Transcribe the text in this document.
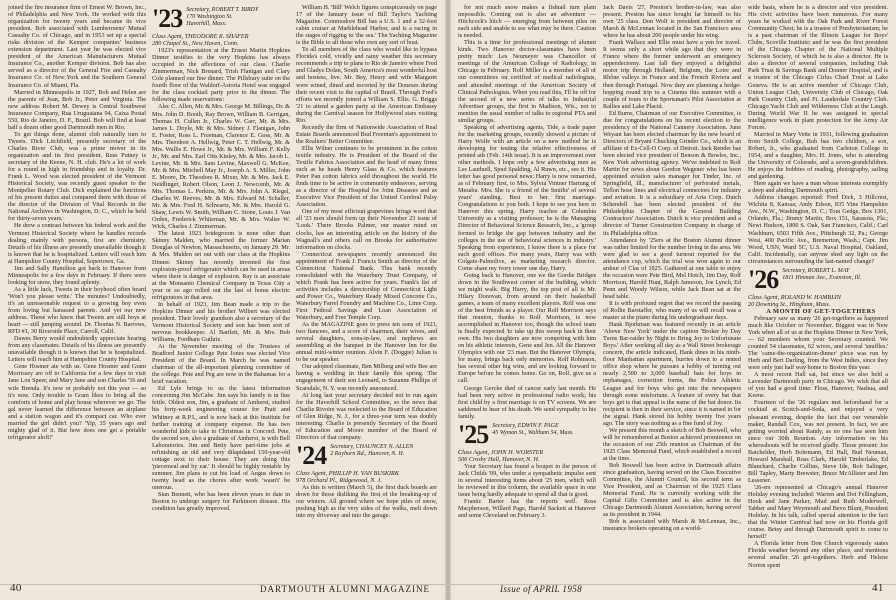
joined the fire insurance firm of Ernest W. Brown, Inc., of Philadelphia and New York. He worked with this organization for twenty years and became its vice president. Bob associated with Lumbermens' Mutual Casualty Co. of Chicago, and in 1953 set up a special risks division of the Kemper companies' business extension department. Last year he was elected vice president of the American Manufacturers Mutual Insurance Co., another Kemper division. Bob has also served as a director of the General Fire and Casualty Insurance Co. of New York and the Southern General Insurance Co. of Miami, Fla.

Married in Minneapolis in 1927, Bob and Helen are the parents of Jean, Bob Jr., Peter and Virginia. The new address Robert M. Dewey is Central Southwest Insurance Company, Rua Uruguaiana 94, Caixa Postal 550, Rio de Janeiro, D. F., Brazil. Bob will find at least half a dozen other good Dartmouth men in Rio.

To get things done, alumni club naturally turn to Tweets. Dick Litchfield, presently secretary of the Charles River Club, was a prime mover in its organization and its first president. Russ Putney is secretary of the Keene, N. H. club. He's a lot of work for a round in high in friendship and in loyalty. Dr. Frank L. Wood was elected president of the Vermont Historical Society, was recently guest speaker to the Montpelier Rotary Club. Dick explained the functions of his present duties and compared them with those of the director of the Division of Vital Records in the National Archives in Washington, D. C., which he held for thirty-seven years.

He drew a contrast between his federal work and the Vermont Historical Society where he handles records dealing mainly with persons, first are chemistry. Details of his illness are presently unavailable though it is known that he is hospitalized. Letters will reach him at Hampshire County Hospital, Sopertown, Ga.

Jim and Sally Hamilton got back to Hanover from Minneapolis for a few days in February. If there were looking for snow, they found aplenty.

As a little luck, Tweets in their boyhood often heard 'Won't you please write.' The minutes? Undoubtedly, it's an unreasonable request to a growing boy even from loving but harassed parents. And yet our new address. Those who knew that Tweets are still boys at heart — still jumping around. Dr. Thomas N. Barrows, RFD #1, 30 Riverside Place, Carroll, Calif.

Dawes Berry would undoubtedly appreciate hearing from any classmates. Details of his illness are presently unavailable though it is known that he is hospitalized. Letters will reach him at Hampshire County Hospital.

Gene Hosmer ate with us. Gene Hosmer and Gram Morrissey are off to California for a few days to visit Jane Lou Speer, and Mary Jane and son Charles '56 and wife Brenda. It's now or probably not this year — so it's now. Only trouble is Gram likes to bring all the comforts of home and play house wherever we go. The gal never learned the difference between an airplane and a station wagon and it's compact car. Who ever married the girl didn't you? 'Yip, 35 years ago and mighty glad of it. But how does one get a portable refrigerator aloft?'

'23 Secretary, ROBERT T. BIRDY
170 Washington St.
Haverhill, Mass.

Class Agent, THEODORE R. SHAFER

280 Chapel St., New Haven, Conn.

1923's representation at the Ernest Martin Hopkins Dinner testifies to the very Hopkins has always occupied in the affections of our class. Charlie Zimmerman, Nick Brenard, Trish Flanigan and Clary Cole planned our fine dinner. The Pillsbury suite on the fourth floor of the Waldorf-Astoria Hotel was engaged for the class cocktail party prior to the dinner. The following made reservations:

Alec C. Allen, Mr. & Mrs. George M. Billings, Dr. & Mrs. John D. Booth, Ray Brown, William B. Gerrigan, Thomas H. Cullen Jr., Charles W. Carr, Mr. & Mrs. James L. Doyle, Mr. & Mrs. Sidney J. Flanigan, John E. Foster, Ross L. Freeman, Clarence E. Goss, Mr. & Mrs. Theodore A. Hellwig, Peter C. T. Hellwig, Mr. & Mrs. Wallis E. Howe Jr., Mr. & Mrs. William F. Kelly Jr., Mr. and Mrs. Earl Otis Kinley, Mr. & Mrs. Jacob L. Levine, Mr. & Mrs. Sam Levine, Maxwell G. McKee, Mr. & Mrs. Mitchell May Jr., Joseph A. S. Miller, John E. Moore, Dr. Theodore R. Mixer, Mr. & Mrs. Jack E. Neidlinger, Robert Olson, Leon J. Newcomb, Mr. & Mrs. Thomas L. Perkins, Mr. & Mrs. John A. Riegel, Charles W. Reeves, Mr. & Mrs. Edward M. Schaller, Mr. & Mrs. Fred H. Schwartz, Mr. & Mrs. Harold G. Shaw, Lewis W. Smith, William C. Stone, Louis J. Van Orden, Frederick Whiteman, Mr. & Mrs. Walter W. Wick, Charles J. Zimmerman.

The latest 1923 bridegroom is none other than Skinny Malden, who married the former Marian Douglas of Newton, Massachusetts, on January 29. Mr. & Mrs. Malden set out with our class at the Hopkins Dinner. Skinny has recently invented the first explosion-proof refrigerator which can be used in areas where there is danger of explosion. Ray is an associate at the Monsanto Chemical Company in Texas City a year or so ago rolled out the last of home electric refrigerators in that area.

In behalf of 1923, Jim Bean made a trip to the Hopkins Dinner and his brother Wilbert was elected president. Their lovely grandson also a secretary of the Vermont Historical Society and son has been sort of nervous bookkeeper. Al Bartlett, Mr. & Mrs. Bob Williams, Fordham Guthrie.

At the November meeting of the Trustees of Bradford Junior College Pete Jones was elected Vice President of the Board. In March he was named chairman of the all-important planning committee of the college. Pete and Peg are now in the Bahamas for a brief vacation.

Ed Lyle brings to us the latest information concerning Jim McCabe. Jim says his family is in fine fettle. Oldest son, Jim, a graduate of Amherst, studied his forty-week engineering course for Pratt and Whitney at R.P.I., and is now back at this institute for further training at company expense. He has two wonderful kids to take to Christmas in Concord. Pete, the second son, also a graduate of Amherst, is with Bell Laboratories. Jim and Betty have part-time jobs at refinishing an old and very dilapidated 150-year-old cottage next to their house. They are doing this 'piecemeal and by ear.' It should be highly rentable by summer. Jim plans to cut his load of Angus down to twenty head as the chores after work 'wasn't' be onerous.

Stan Bennett, who has been eleven years to date in Boston to undergo surgery for Parkinson disease. His condition has greatly improved.

William B. 'Bill' Welch figures conspicuously on page 17 of the January issue of Bill Taylor's Yachting Magazine. Commodore Bill has a U.S. 1 and a 32-foot cabin cruiser at Marblehead Harbor, and is a racing in the stages of rigging to 'the sea.' The Yachting Magazine is the Bible to all those who own any sort of boat.

To all members of the class who would like to bypass Florida's cold, vividly and rainy weather this secretary recommends a trip to plans to Rio de Janeiro where Fred and Gladys Dolan, South America's most wonderful host and hostess, live. Mr. Bey, Henry and wife Margaret were wined, dined and escorted by the Doneses during their recent visit to the capital of Brazil. Through Fred's efforts we recently joined a William S. Ellis. G. Briggs '21 to attend a garden party at the American Embassy during the Carnival season for Hollywood stars visiting Rio.

Recently the firm of Nationwide Association of Real Estate Boards announced Bud Freeman's appointment to the Realtors' Better Committee.

Ellis Wilner continues to be prominent in the cotton textile industry. He is President of the Board of the Textile Fabrics Association and the head of many firms such as he heads Henry Glass & Co. which features Peter Pan cotton fabrics sold throughout the world. He finds time to be active in community endeavors, serving as a director of the Hospital for Joint Diseases and as Executive Vice President of the United Cerebral Palsy Association.

One of my most efficient grapevines brings word that all '23 men should form up their November 23 issue of 'Look.' There Brooks Palmer, our master mind on clocks, has an interesting article on the history of the Wagnall's and others call on Brooks for authoritative information on clocks.

Connecticut newspapers recently announced the appointment of Frank J. Francis Smith as director of the Connecticut National Bank. This bank recently consolidated with the Waterbury Trust Company, of which Frank has been active for years. Frank's list of activities includes a directorship of Connecticut Light and Power Co., Waterbury Ready Mixed Concrete Co., Waterbury Farrel Foundry and Machine Co., Lime Corp. First Federal Savings and Loan Association of Waterbury, and Free Temple Corp.

As the MAGAZINE goes to press ten sons of 1923, two fiancees, and a score of chairmen, their wives, and several daughters, sons-in-law, and nephews are assembling at the banquet in the Hanover Inn for the annual mini-winter reunion. Alvin F. (Doggie) Julian is to be our speaker.

Our adopted classmate, Ben Milberg and wife Bee are having a wedding in their family this spring. The engagement of their son Leonard, to Suzanne Phillips of Scarsdale, N. Y. was recently announced.

At long last your secretary decided not to run again for the Haverhill School Committee, so the news that Charlie Rivoire was reelected to the Board of Education of Glen Ridge, N. J., for a three-year term was doubly interesting. Charlie is presently Secretary of the Board of Education and Moore member of the Board of Directors of that company.

'24 Secretary, CHAUNCEY N. ALLEN
2 Rayburn Rd., Hanover, N. H.

Class Agent, PHILLIP H. VAN BUSKIRK

978 Orchard Pl., Ridgewood, N. J.

As this is written (March 5), the first duck boards are down for those disliking the first of the breaking-up of our winters. All ground where we hope piles of snow, pushing high as the very sides of the walks, melt down into my driveway and into the garage.

for not much snow makes a fishtail turn plain impossible. Coming out is also an adventure — Hitchcock's hitch — emerging from between piles on each side and unable to see what may be there. Caution is needed.

This is a time for professional meetings of alumni kinds. Two Hanover doctor-classmates have been pretty much: Les Neumeyer was Chancellor of meetings of the American College of Radiology, in Chicago in February. Rolf Miller is a member of all of our committees on certified of medical radiologists, and attended meetings of the American Society of Clinical Pathologists. When you read this, I'll be off for the second of a new series of talks to Industrial Advertiser groups, the first in Madison, Wis., not to mention the usual number of talks to regional PTA and similar groups.

Speaking of advertising agents, Tide, a trade paper for the marketing groups, recently showed a picture of Harry Wolfe with an article on a new method he is developing for testing the relative effectiveness of printed ads (Feb. 14th issue). It is an improvement over other methods. I hope only a few advertising men as Les Lauduell, Spud Spalding, Al Ruwn, etc., see it. His letter has good personal news: Harry is now remarried, as of February first, to Mrs. Sylvia Vintner Hartung of Mesaba. Mrs. She is a friend of the Smiths' of several years' standing. Best to her first marriage. Congratulations to you both. I hope to see you here in Hanover this spring. Harry teaches at Columbia University as a visiting professor; he is the Managing Director of Behavioral Science Research, Inc., a 'group formed to bridge the gap between industry and the colleges in the use of behavioral sciences in industry.' Speaking from experience, I know there is a place for such good offices. For many years, Harry was with Colgate-Palmolive, as marketing research director. Come share my ivory tower one day, Harry.

Going back to Hanover, one we the Gordie Bridges down in the Southwest corner of the building, which we might walk. Big Harry, the top post of all is Mr. Hilary Donovan, from around on their basketball games, a team of many excellent players. Rolf was one of the best friends as a player. Our Rolf Morrison says that reunion, thanks to Rolf Morrison, is now accomplished in Hanover too, though the school team is finally expected 'to take up this sweep back in their own. His two daughters are now competing with him on his athletic interests, Gene and Jen. All the Hanover Olympics with our '23 man. But the Hanover Olympia, for many, brings back only memories. Rolf Robinson, has several other big wins, and are looking forward to Europe before he comes home. Go on, Rolf, give us a call.

George Gercke died of cancer early last month. He had been very active in professional radio work; his first child by a first marriage is on TV screens. We are saddened to hear of his death. We send sympathy to his family.

'25 Secretary, EDWIN F. PAGE
45 Wyman St., Waltham 54, Mass.

Class Agent, JOHN H. WORSTER

506 Croshy Hall, Hanover, N. H.

Your Secretary has found a boupet in the person of Jack Childs '09, who under a sympathetic impulse sent in several interesting items about '25 men, which will be reviewed in this column, the available space in one issue being hardly adequate to spend all that is good.

Frantic Barter has the reports well. Ross Macpherson, Willard Page, Harold Sackett at Hanover and some Cleveland on February 3.

Jack Davis '27, Preston's brother-in-law, was also present. Preston has since bought far himself to his own '25 class. Don Wolf is president and director of Marsh & McLennan located in the San Francisco area where he has about 200 people under his wing.

Frank Wallace and Ellie must have a yen for travel. It seems only a short while ago that they were in France where the former underwent an emergency appendectomy. Last fall they enjoyed a delightful motor trip through Holland, Belgium, the Loire and Rhône valleys in France and the French Riviera and then through Portugal. Now they are planning a hedge-hopping round trip to a Cinema this summer with a couple of tours to the Sportsman's Pilot Association at Rallies and Lake Placid.

Ed Burns, Chairman of our Executive Committee, is due for congratulations on his recent election to the presidency of the National Cannery Association. June Weyant has been elected chairman by the new board of Directors of Bryant Chucking Grinder Co., which is an affiliate of Ex-Cell-O Corp. of Detroit. Jack Render has been elected vice president of Benson & Bowles, Inc., New York advertising agency. We've indebted to Rolf Martin for news about Gordon Wegener who has been appointed aviation sales manager for Tinder, Inc. of Springfield, Ill., manufacturer of perforated metals, Teflon hose lines and electrical connectors for industry and aviation. It is a subsidiary of Aria Corp. Dutch Schendell has been elected president of the Philadelphia Chapter of the General Building Contractors' Association. Dutch is vice president and a director of Turner Construction Company in charge of its Philadelphia office.

Attendance by '25ers at the Boston Alumni dinner was rather limited for the number living in the area. We were glad to see a good turnout reported for the attendance cup, which the trial was won again to our ardour of Clas of 1925. Gathered at one table to enjoy the occasion were Pete Bird, Mel Hotch, Jim Day, Rolf Morrison, Harold Hunt, Ralph Jameson, Joe Lynch, Ed Penn and Woody Wilson, while Jack Bean sat at the head table.

It is with profound regret that we record the passing of Rollie Barstaffer, who many of us will recall was a master at the piano during his undergraduate days.

Hank Bjorkman was featured recently in an article 'Above New York' under the caption 'Broker by Day Turns Bar-raider by Night to Bring Joy to Unfortunate Boys.' After working all day as a Wall Street brokerage concern, the article indicated, Hank dines in his ninth-floor Manhattan apartment, hurries down to a rented office shop where he pursues a hobby of turning out nearly 2,500 to 3,000 baseball bats for boys in orphanages, correction forms, the Police Athletic League and for boys who get into the newspapers through some misfortune. A feature of every bat that boys get is that appeal is the name of the bat donor. Its recipient is then in their service, since it is named in for the signal. Hank stored his hobby twenty five years ago. The story was nothing as a fine fund of Joy.

We present this month a sketch of Bob Beswell, who will be remembered at Boston achieved prominence on the occasion of our 25th reunion as Chairman of the 1925 Class Memorial Fund, which established a record at the time.

Bob Boswell has been active in Dartmouth affairs since graduation, having served on the Class Executive Committee, the Alumni Council, his second term as Vice President, and as Chairman of the 1925 Class Memorial Fund. He is currently working with the Capital Gifts Committee and is also active in the Chicago Dartmouth Alumni Association, having served as its president in 1944.

Bob is associated with Marsh & McLennan, Inc., insurance brokers operating on a world-

wide basis, where he is a director and vice president. His civic activities have been numerous. For many years he worked with the Oak Park and River Forest Community Chest; he is a trustee of Presbyterianism; he is a past chairman of the Illinois League for Boys' Clubs, Scoville Institute; and he was the first president of the Chicago Chapter of the National Multiple Sclerosis Society, of which he is also a director. He is also a director of several companies, including Oak Park Trust & Savings Bank and Donner Hospital, and is a trustee of the Chicago Cirlus Chief Trust at Lake Geneva. He is an active member of Chicago Club, Union League Club, University Club of Chicago, Oak Park Country Club, and Ft. Lauderdale Country Club. Chicago Yacht Club and Wilderness Club at the Laugh. During World War II he was assigned to special intelligence work in plant protection for the Army Air Forces.

Married in Mary Vette in 1931, following graduation from Smith College, Bob has two children, a son, Robert, Jr., who graduated from Carleton College in 1954, and a daughter, Mrs. H. Jones, who is attending the University of Colorado, and a seven-grandchildren. He enjoys the hobbies of reading, photography, sailing and gardening.

Here again we have a man whose interests exemplify a deep and abiding Dartmouth spirit.

Address changes reported: Fred Dick, 3 Hillcrest, Wichita 8, Kansas; Andy Edson, 835 Vine Hampshire Ave., N.W., Washington, D. C.; Tom Gedge, Box 1301, Orlando, Fla.; Jimmy Martin, Box 151, Sarasota, Fla.; Newt Hudson, 1800 S. Oak, San Francisco, Calif.; Carl Washburn, 6503 Fifth Ave., Pittsburgh 32, Pa.; George West, 400 Pacific Ave., Bremerton, Wash.; Capt. Jim Wood, USN, Ward 5C, U.S. Naval Hospital, Oakland, Calif. Incidentally, can anyone shed any light on the circumstances surrounding the last-named change?

'26 Secretary, ROBERT L. MAY
1811 Hinman Ave., Evanston, Ill.

Class Agent, ROLAND W. HAMBLIN

20 Downing St., Hingham, Mass.

A MONTH OF GET-TOGETHERS

February saw as many '26 get-togethers as happened much like October or November. Biggest was in New York when all of us at the Hopkins Dinner in New York, — 62 members whom your Secretary counted. We counted 54 classmates, 62 wives, and several 'snuffles.' The 'came-the-organization-dinner' piece was run by Herb and Bert Darling, from the West Indies, since they were only just half way home to Boston this year.

A most recent Hall sat, but since we also held a Lavender Dartmouth party in Chicago. We wish that all of you had a good time: Floss, Hanover, Nashua, and Keene.

Fourteen of the '26 regulars met beforehand for a cocktail at Scotch-and-Soda, and enjoyed a very pleasant evening, despite the fact that our venerable maker, Randall Cox, was not present. In fact, we are getting worried about Randy, as no one has seen him since our 30th Reunion. Any information on his whereabouts will be received gladly. Those present: Joe Batchelder, Herb Bohrmann, Ed Hall, Bud Neuman, Howard Marshall, Russ Clark, Harold Timberlake, Ed Blanchard, Charlie Collins, Steve Ide, Bob Salinger, Bill Tapley, Marty Brewster, Bruce McAllister and Jim Lessener.

'26-ers represented at Chicago's annual Hanover Holiday evening included: Warren and Dot Fellingham, Hook and Jane Parker, Mud and Ruth Moderwell, Tabber and Mary Weymouth and Bevo Blunt, President Holiday. In his talk, called special attention to the fact that the Winter Carnival had now on his Florida golf course. Betsy and through Dartmouth spirit to come to herself!

A Florida letter from Don Church vigorously states Florida weather beyond any other place, and mentions several smaller '26 get-togethers. Herb and Helene Norton spent

40	DARTMOUTH ALUMNI MAGAZINE	Issue of APRIL 1958	41
